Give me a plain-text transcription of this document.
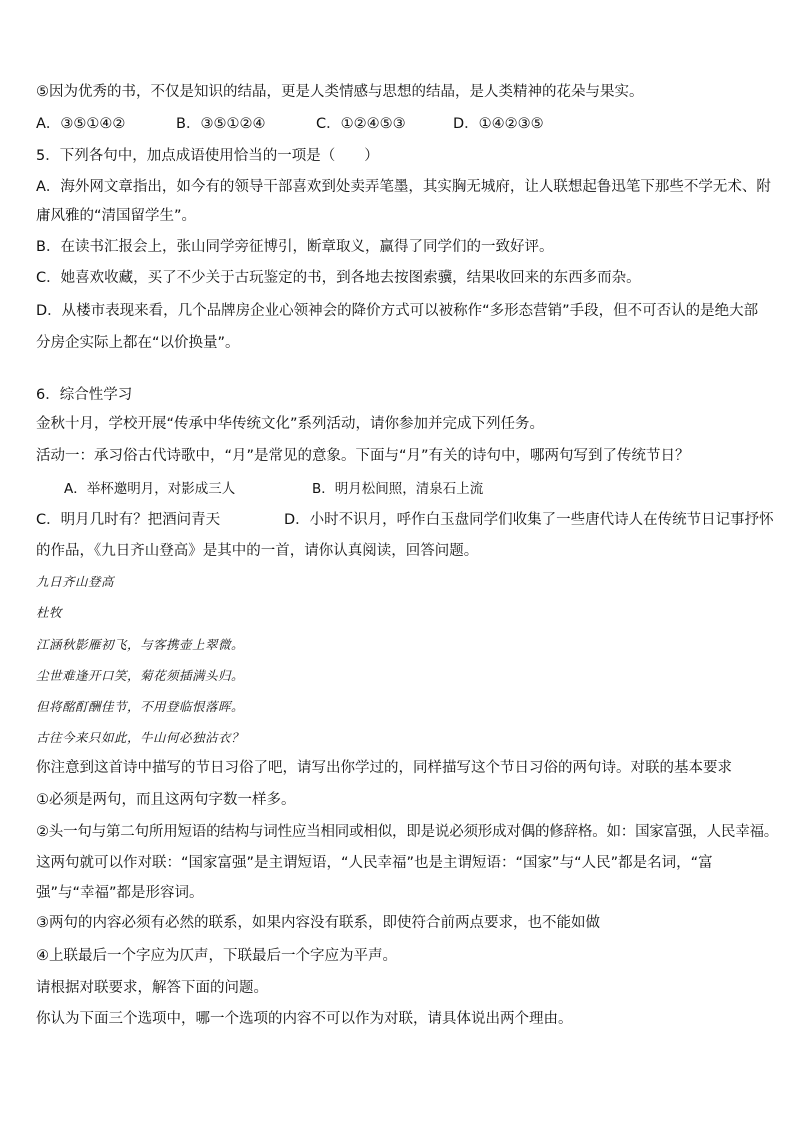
⑤因为优秀的书，不仅是知识的结晶，更是人类情感与思想的结晶，是人类精神的花朵与果实。
A．③⑤①④②	B．③⑤①②④	C．①②④⑤③	D．①④②③⑤
5．下列各句中，加点成语使用恰当的一项是（　　）
A．海外网文章指出，如今有的领导干部喜欢到处卖弄笔墨，其实胸无城府，让人联想起鲁迅笔下那些不学无术、附
庸风雅的“清国留学生”。
B．在读书汇报会上，张山同学旁征博引，断章取义，赢得了同学们的一致好评。
C．她喜欢收藏，买了不少关于古玩鉴定的书，到各地去按图索骥，结果收回来的东西多而杂。
D．从楼市表现来看，几个品牌房企业心领神会的降价方式可以被称作“多形态营销”手段，但不可否认的是绝大部
分房企实际上都在“以价换量”。
6．综合性学习
金秋十月，学校开展“传承中华传统文化”系列活动，请你参加并完成下列任务。
活动一：承习俗古代诗歌中，“月”是常见的意象。下面与“月”有关的诗句中，哪两句写到了传统节日？
A．举杯邀明月，对影成三人	B．明月松间照，清泉石上流
C．明月几时有？把酒问青天	D．小时不识月，呼作白玉盘同学们收集了一些唐代诗人在传统节日记事抒怀
的作品，《九日齐山登高》是其中的一首，请你认真阅读，回答问题。
九日齐山登高
杜牧
江涵秋影雁初飞，与客携壶上翠微。
尘世难逢开口笑，菊花须插满头归。
但将酩酊酬佳节，不用登临恨落晖。
古往今来只如此，牛山何必独沾衣？
你注意到这首诗中描写的节日习俗了吧，请写出你学过的，同样描写这个节日习俗的两句诗。对联的基本要求
①必须是两句，而且这两句字数一样多。
②头一句与第二句所用短语的结构与词性应当相同或相似，即是说必须形成对偶的修辞格。如：国家富强，人民幸福。
这两句就可以作对联：“国家富强”是主谓短语，“人民幸福”也是主谓短语：“国家”与“人民”都是名词，“富
强”与“幸福”都是形容词。
③两句的内容必须有必然的联系，如果内容没有联系，即使符合前两点要求，也不能如做
④上联最后一个字应为仄声，下联最后一个字应为平声。
请根据对联要求，解答下面的问题。
你认为下面三个选项中，哪一个选项的内容不可以作为对联，请具体说出两个理由。
